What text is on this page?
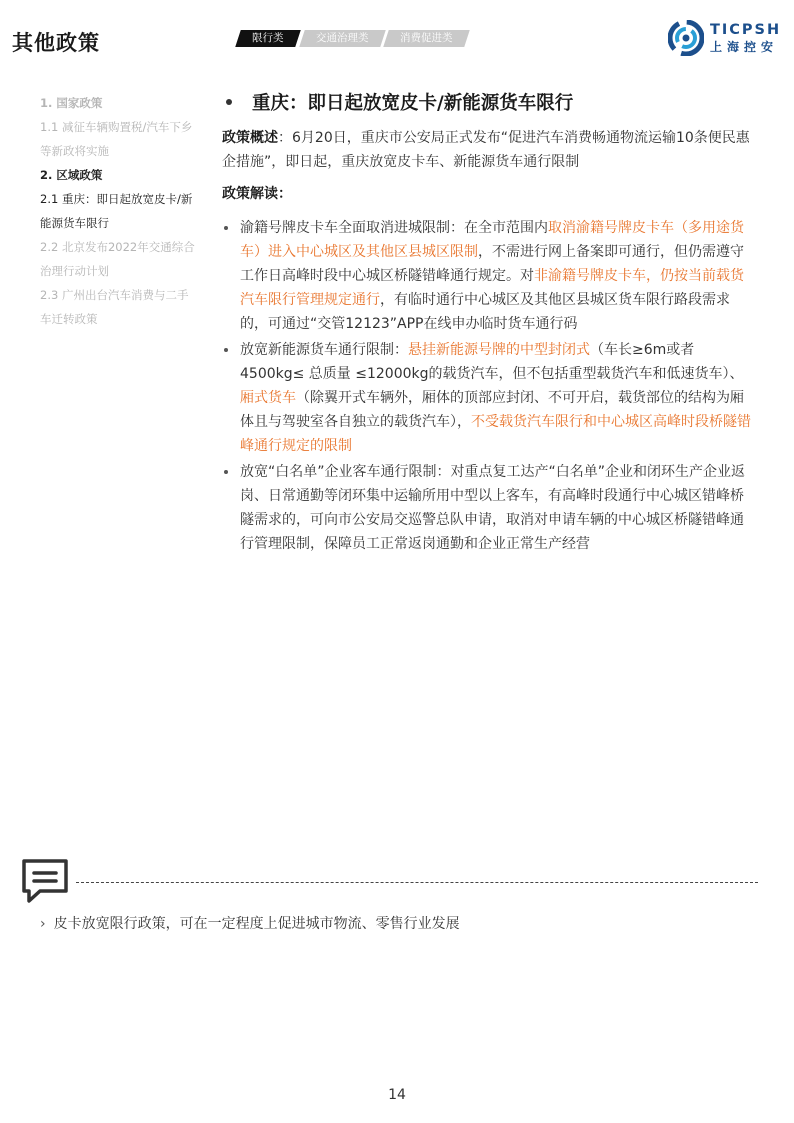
其他政策	限行类	交通治理类	消费促进类	TICPSH
上海控安
1. 国家政策
1.1 减征车辆购置税/汽车下乡等新政将实施
2. 区域政策
2.1 重庆：即日起放宽皮卡/新能源货车限行
2.2 北京发布2022年交通综合治理行动计划
2.3 广州出台汽车消费与二手车迁转政策
重庆：即日起放宽皮卡/新能源货车限行
政策概述：6月20日，重庆市公安局正式发布“促进汽车消费畅通物流运输10条便民惠企措施”，即日起，重庆放宽皮卡车、新能源货车通行限制
政策解读：
渝籍号牌皮卡车全面取消进城限制：在全市范围内取消渝籍号牌皮卡车（多用途货车）进入中心城区及其他区县城区限制，不需进行网上备案即可通行，但仍需遵守工作日高峰时段中心城区桥隧错峰通行规定。对非渝籍号牌皮卡车，仍按当前载货汽车限行管理规定通行，有临时通行中心城区及其他区县城区货车限行路段需求的，可通过“交管12123”APP在线申办临时货车通行码
放宽新能源货车通行限制：悬挂新能源号牌的中型封闭式（车长≥6m或者4500kg≤ 总质量 ≤12000kg的载货汽车，但不包括重型载货汽车和低速货车）、厢式货车（除翼开式车辆外，厢体的顶部应封闭、不可开启，载货部位的结构为厢体且与驾驶室各自独立的载货汽车），不受载货汽车限行和中心城区高峰时段桥隧错峰通行规定的限制
放宽“白名单”企业客车通行限制：对重点复工达产“白名单”企业和闭环生产企业返岗、日常通勤等闭环集中运输所用中型以上客车，有高峰时段通行中心城区错峰桥隧需求的，可向市公安局交巡警总队申请，取消对申请车辆的中心城区桥隧错峰通行管理限制，保障员工正常返岗通勤和企业正常生产经营
› 皮卡放宽限行政策，可在一定程度上促进城市物流、零售行业发展
14
